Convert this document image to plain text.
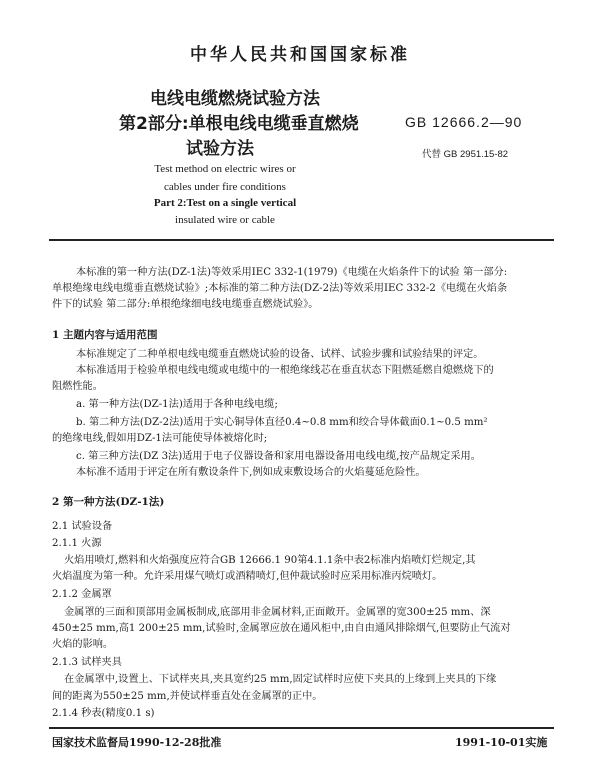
中华人民共和国国家标准
电线电缆燃烧试验方法
第2部分:单根电线电缆垂直燃烧
试验方法
GB 12666.2—90
代替 GB 2951.15-82
Test method on electric wires or
cables under fire conditions
Part 2:Test on a single vertical
insulated wire or cable
本标准的第一种方法(DZ-1法)等效采用IEC 332-1(1979)《电缆在火焰条件下的试验 第一部分:
单根绝缘电线电缆垂直燃烧试验》;本标准的第二种方法(DZ-2法)等效采用IEC 332-2《电缆在火焰条
件下的试验 第二部分:单根绝缘细电线电缆垂直燃烧试验》。
1 主题内容与适用范围
本标准规定了二种单根电线电缆垂直燃烧试验的设备、试样、试验步骤和试验结果的评定。
本标准适用于检验单根电线电缆或电缆中的一根绝缘线芯在垂直状态下阻燃延燃自熄燃烧下的
阻燃性能。
a. 第一种方法(DZ-1法)适用于各种电线电缆;
b. 第二种方法(DZ-2法)适用于实心铜导体直径0.4~0.8 mm和绞合导体截面0.1~0.5 mm²
的绝缘电线,假如用DZ-1法可能使导体被熔化时;
c. 第三种方法(DZ 3法)适用于电子仪器设备和家用电器设备用电线电缆,按产品规定采用。
本标准不适用于评定在所有敷设条件下,例如成束敷设场合的火焰蔓延危险性。
2 第一种方法(DZ-1法)
2.1 试验设备
2.1.1 火源
火焰用喷灯,燃料和火焰强度应符合GB 12666.1 90第4.1.1条中表2标准内焰喷灯烂规定,其
火焰温度为第一种。允许采用煤气喷灯或酒精喷灯,但仲裁试验时应采用标准丙烷喷灯。
2.1.2 金属罩
金属罩的三面和顶部用金属板制成,底部用非金属材料,正面敞开。金属罩的宽300±25 mm、深
450±25 mm,高1 200±25 mm,试验时,金属罩应放在通风柜中,由自由通风排除烟气,但要防止气流对
火焰的影响。
2.1.3 试样夹具
在金属罩中,设置上、下试样夹具,夹具宽约25 mm,固定试样时应使下夹具的上缘到上夹具的下缘
间的距离为550±25 mm,并使试样垂直处在金属罩的正中。
2.1.4 秒表(精度0.1 s)
国家技术监督局1990-12-28批准	1991-10-01实施
